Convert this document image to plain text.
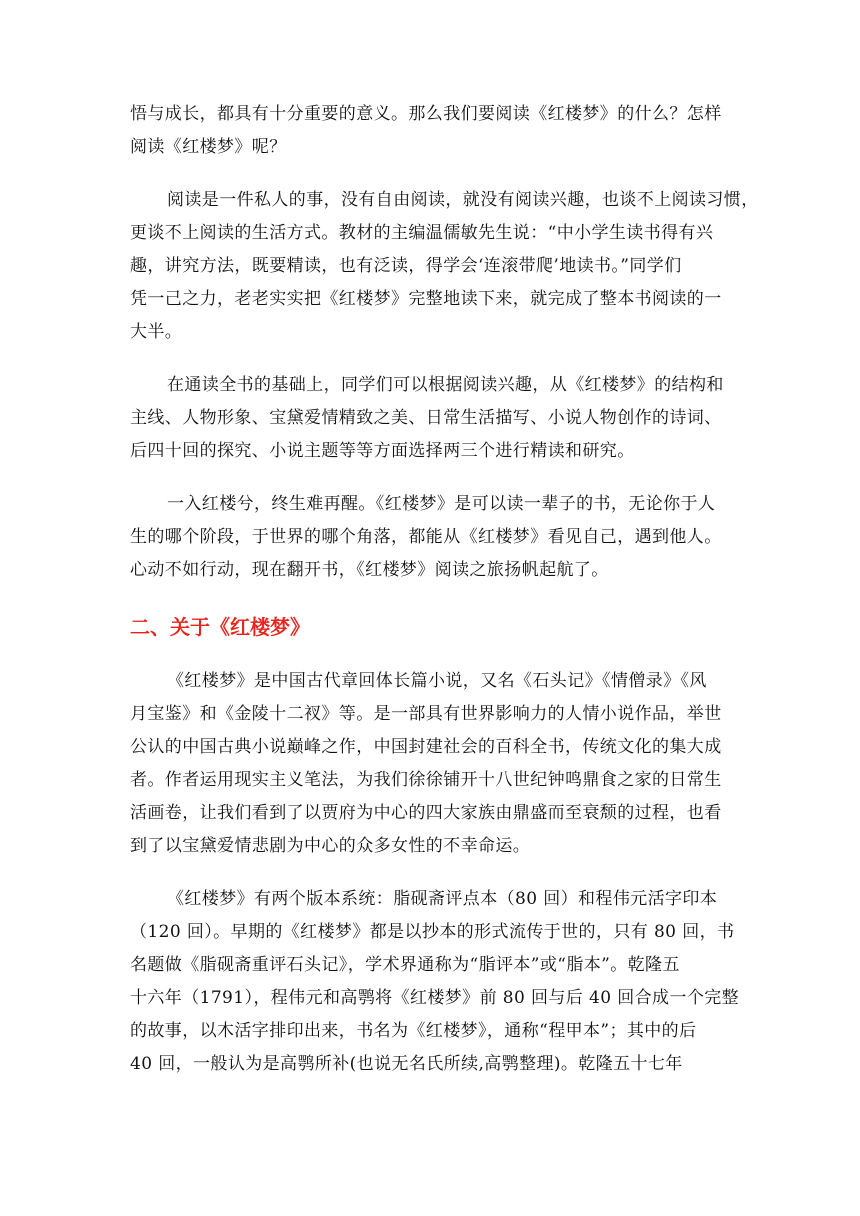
悟与成长，都具有十分重要的意义。那么我们要阅读《红楼梦》的什么？怎样
阅读《红楼梦》呢？

阅读是一件私人的事，没有自由阅读，就没有阅读兴趣，也谈不上阅读习惯，
更谈不上阅读的生活方式。教材的主编温儒敏先生说：“中小学生读书得有兴
趣，讲究方法，既要精读，也有泛读，得学会‘连滚带爬’地读书。”同学们
凭一己之力，老老实实把《红楼梦》完整地读下来，就完成了整本书阅读的一
大半。

在通读全书的基础上，同学们可以根据阅读兴趣，从《红楼梦》的结构和
主线、人物形象、宝黛爱情精致之美、日常生活描写、小说人物创作的诗词、
后四十回的探究、小说主题等等方面选择两三个进行精读和研究。

一入红楼兮，终生难再醒。《红楼梦》是可以读一辈子的书，无论你于人
生的哪个阶段，于世界的哪个角落，都能从《红楼梦》看见自己，遇到他人。
心动不如行动，现在翻开书，《红楼梦》阅读之旅扬帆起航了。

二、关于《红楼梦》

《红楼梦》是中国古代章回体长篇小说，又名《石头记》《情僧录》《风
月宝鉴》和《金陵十二衩》等。是一部具有世界影响力的人情小说作品，举世
公认的中国古典小说巅峰之作，中国封建社会的百科全书，传统文化的集大成
者。作者运用现实主义笔法，为我们徐徐铺开十八世纪钟鸣鼎食之家的日常生
活画卷，让我们看到了以贾府为中心的四大家族由鼎盛而至衰颓的过程，也看
到了以宝黛爱情悲剧为中心的众多女性的不幸命运。

《红楼梦》有两个版本系统：脂砚斋评点本（80 回）和程伟元活字印本
（120 回）。早期的《红楼梦》都是以抄本的形式流传于世的，只有 80 回，书
名题做《脂砚斋重评石头记》，学术界通称为“脂评本”或“脂本”。乾隆五
十六年（1791），程伟元和高鹗将《红楼梦》前 80 回与后 40 回合成一个完整
的故事，以木活字排印出来，书名为《红楼梦》，通称“程甲本”；其中的后
40 回，一般认为是高鹗所补(也说无名氏所续,高鹗整理)。乾隆五十七年
